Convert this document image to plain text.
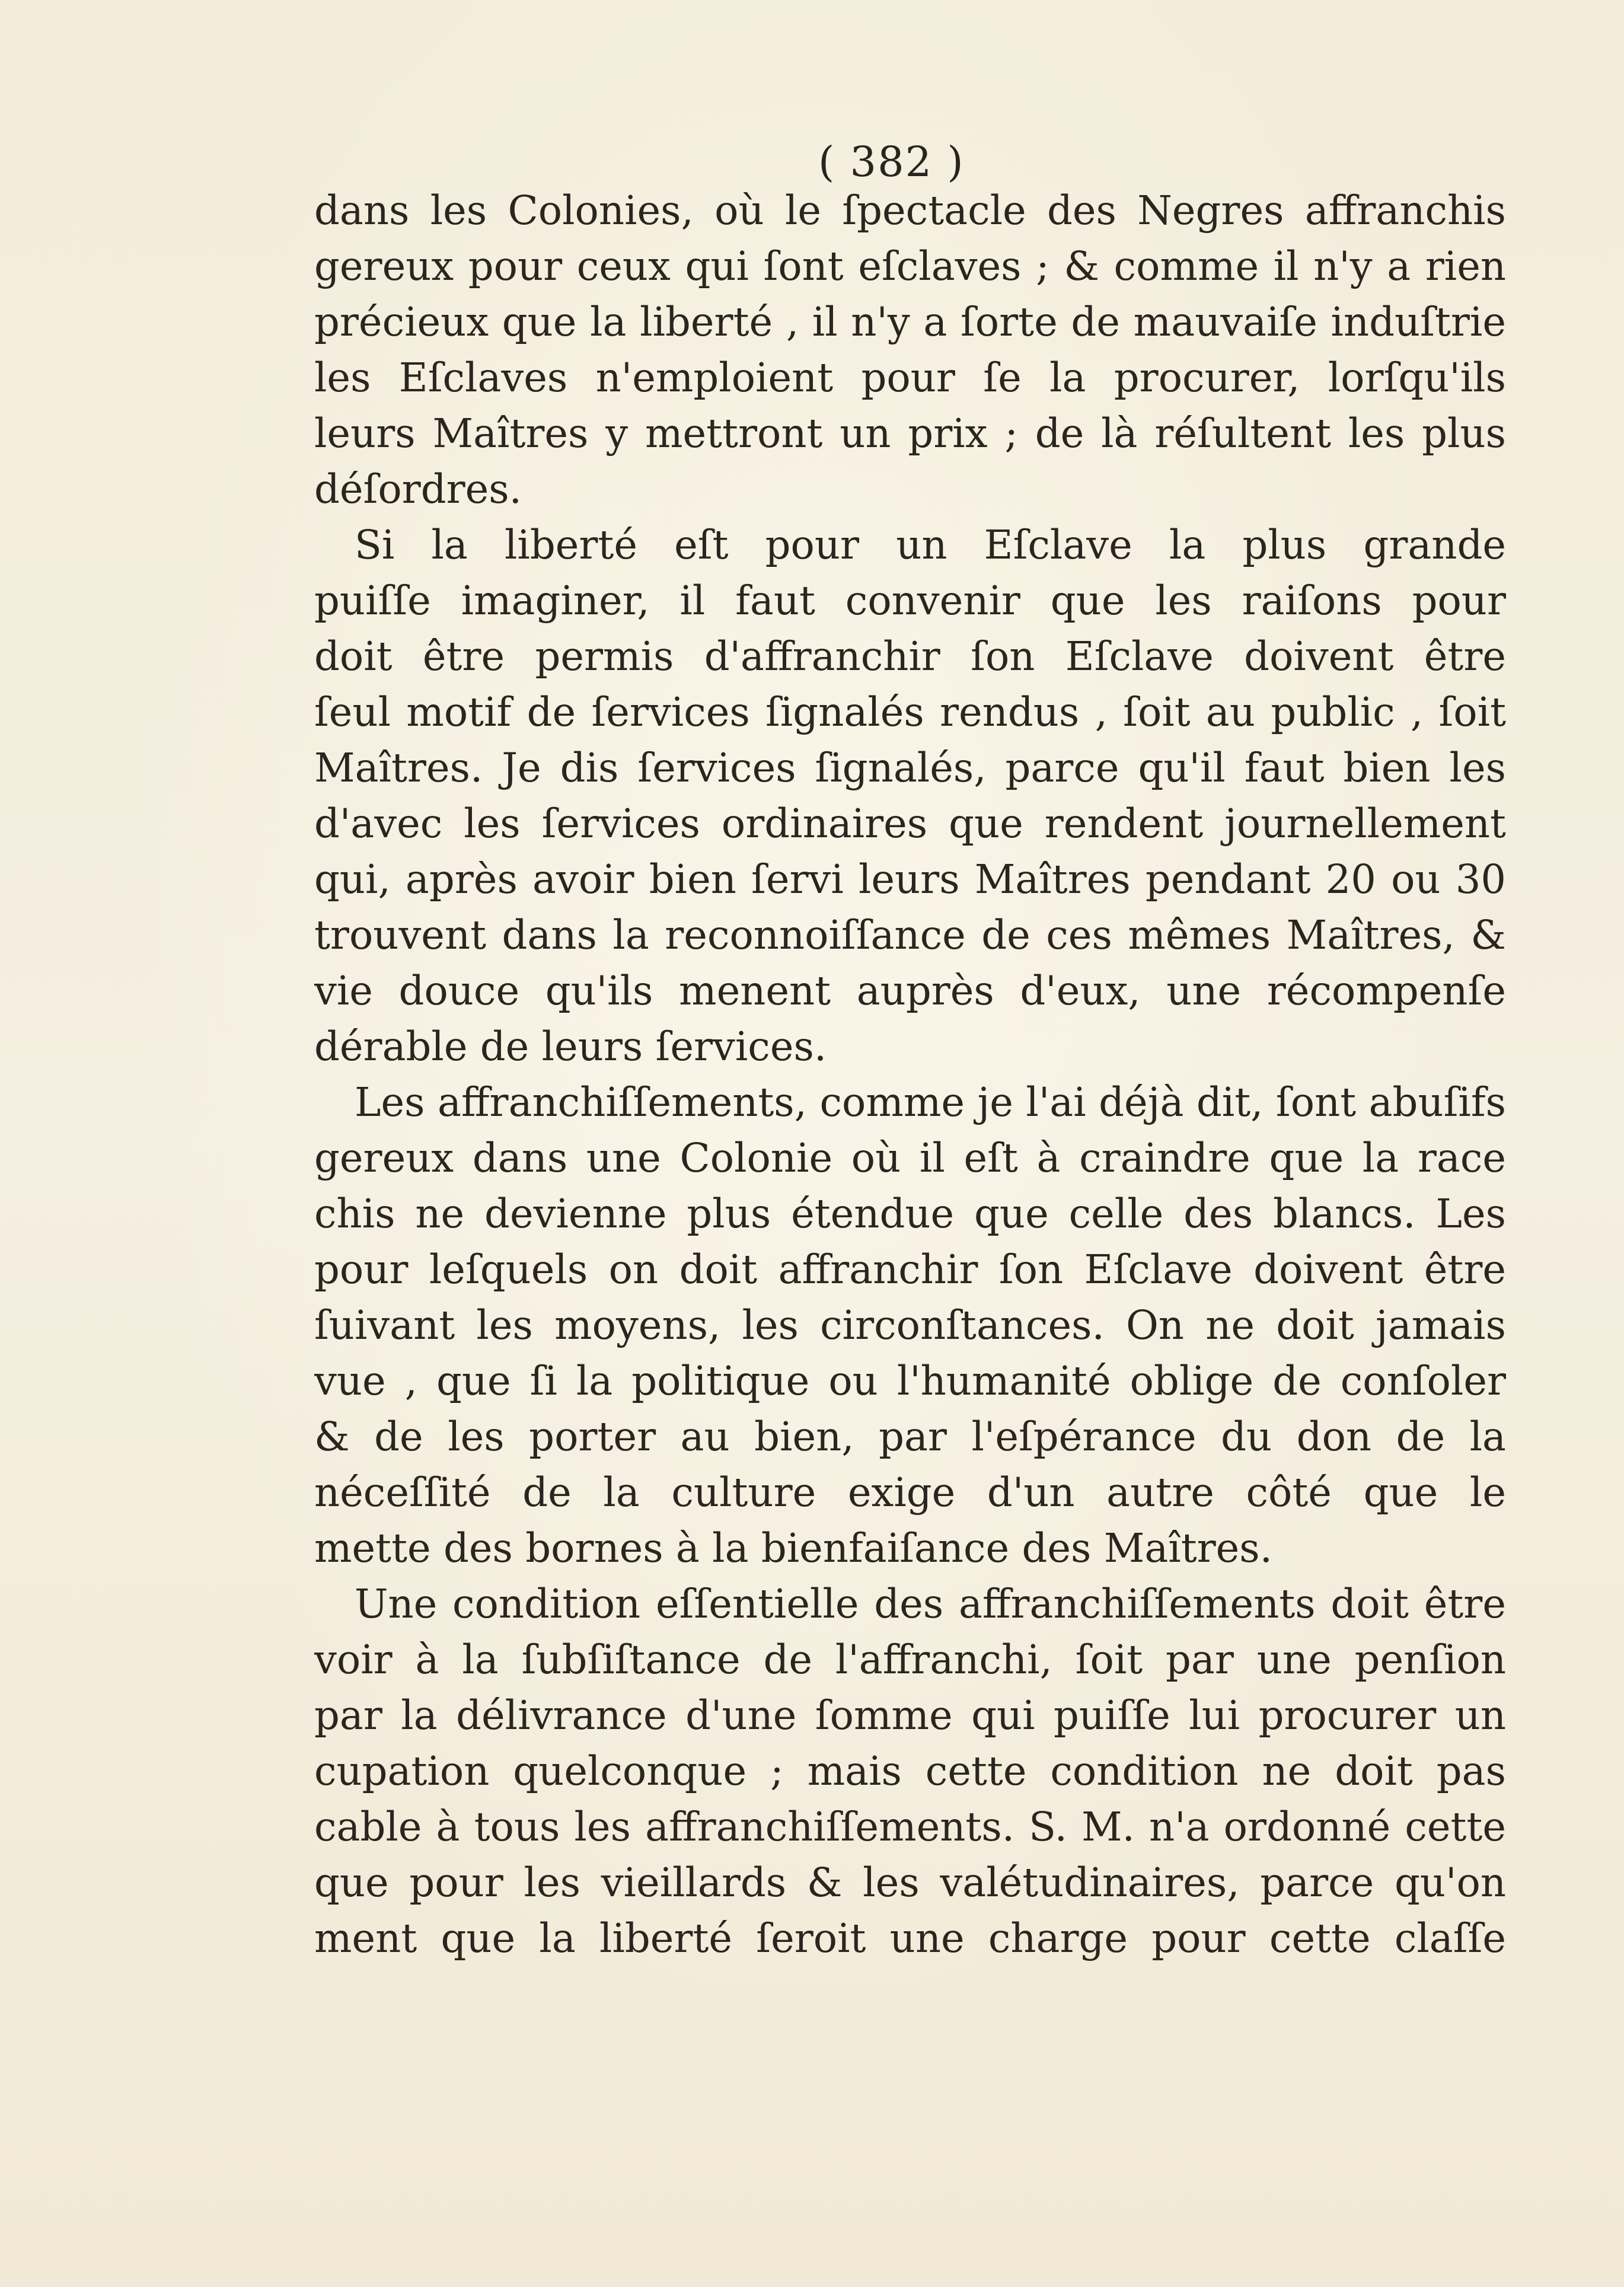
( 382 )
dans les Colonies, où le ſpectacle des Negres affranchis
gereux pour ceux qui ſont eſclaves ; & comme il n'y a rien
précieux que la liberté , il n'y a ſorte de mauvaiſe induſtrie
les Eſclaves n'emploient pour ſe la procurer, lorſqu'ils
leurs Maîtres y mettront un prix ; de là réſultent les plus
déſordres.
Si la liberté eſt pour un Eſclave la plus grande
puiſſe imaginer, il faut convenir que les raiſons pour
doit être permis d'affranchir ſon Eſclave doivent être
ſeul motif de ſervices ſignalés rendus , ſoit au public , ſoit
Maîtres. Je dis ſervices ſignalés, parce qu'il faut bien les
d'avec les ſervices ordinaires que rendent journellement
qui, après avoir bien ſervi leurs Maîtres pendant 20 ou 30
trouvent dans la reconnoiſſance de ces mêmes Maîtres, &
vie douce qu'ils menent auprès d'eux, une récompenſe
dérable de leurs ſervices.
Les affranchiſſements, comme je l'ai déjà dit, ſont abuſifs
gereux dans une Colonie où il eſt à craindre que la race
chis ne devienne plus étendue que celle des blancs. Les
pour leſquels on doit affranchir ſon Eſclave doivent être
ſuivant les moyens, les circonſtances. On ne doit jamais
vue , que ſi la politique ou l'humanité oblige de conſoler
& de les porter au bien, par l'eſpérance du don de la
néceſſité de la culture exige d'un autre côté que le
mette des bornes à la bienfaiſance des Maîtres.
Une condition eſſentielle des affranchiſſements doit être
voir à la ſubſiſtance de l'affranchi, ſoit par une penſion
par la délivrance d'une ſomme qui puiſſe lui procurer un
cupation quelconque ; mais cette condition ne doit pas
cable à tous les affranchiſſements. S. M. n'a ordonné cette
que pour les vieillards & les valétudinaires, parce qu'on
ment que la liberté ſeroit une charge pour cette claſſe
